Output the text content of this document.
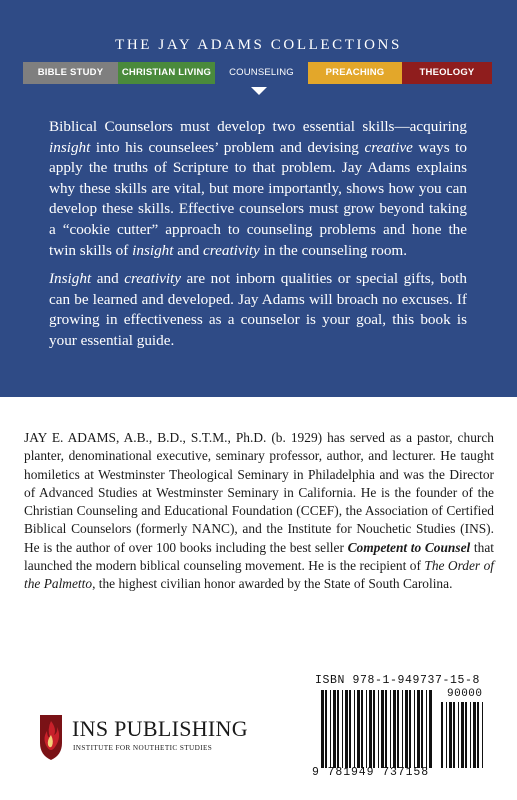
THE JAY ADAMS COLLECTIONS
BIBLE STUDY	CHRISTIAN LIVING	COUNSELING	PREACHING	THEOLOGY

Biblical Counselors must develop two essential skills—acquiring insight into his counselees’ problem and devising creative ways to apply the truths of Scripture to that problem. Jay Adams explains why these skills are vital, but more importantly, shows how you can develop these skills. Effective counselors must grow beyond taking a “cookie cutter” approach to counseling problems and hone the twin skills of insight and creativity in the counseling room.

Insight and creativity are not inborn qualities or special gifts, both can be learned and developed. Jay Adams will broach no excuses. If growing in effectiveness as a counselor is your goal, this book is your essential guide.

JAY E. ADAMS, A.B., B.D., S.T.M., Ph.D. (b. 1929) has served as a pastor, church planter, denominational executive, seminary professor, author, and lecturer. He taught homiletics at Westminster Theological Seminary in Philadelphia and was the Director of Advanced Studies at Westminster Seminary in California. He is the founder of the Christian Counseling and Educational Foundation (CCEF), the Association of Certified Biblical Counselors (formerly NANC), and the Institute for Nouchetic Studies (INS). He is the author of over 100 books including the best seller Competent to Counsel that launched the modern biblical counseling movement. He is the recipient of The Order of the Palmetto, the highest civilian honor awarded by the State of South Carolina.
INS PUBLISHING
INSTITUTE FOR NOUTHETIC STUDIES
ISBN 978-1-949737-15-8
90000
9 781949 737158
